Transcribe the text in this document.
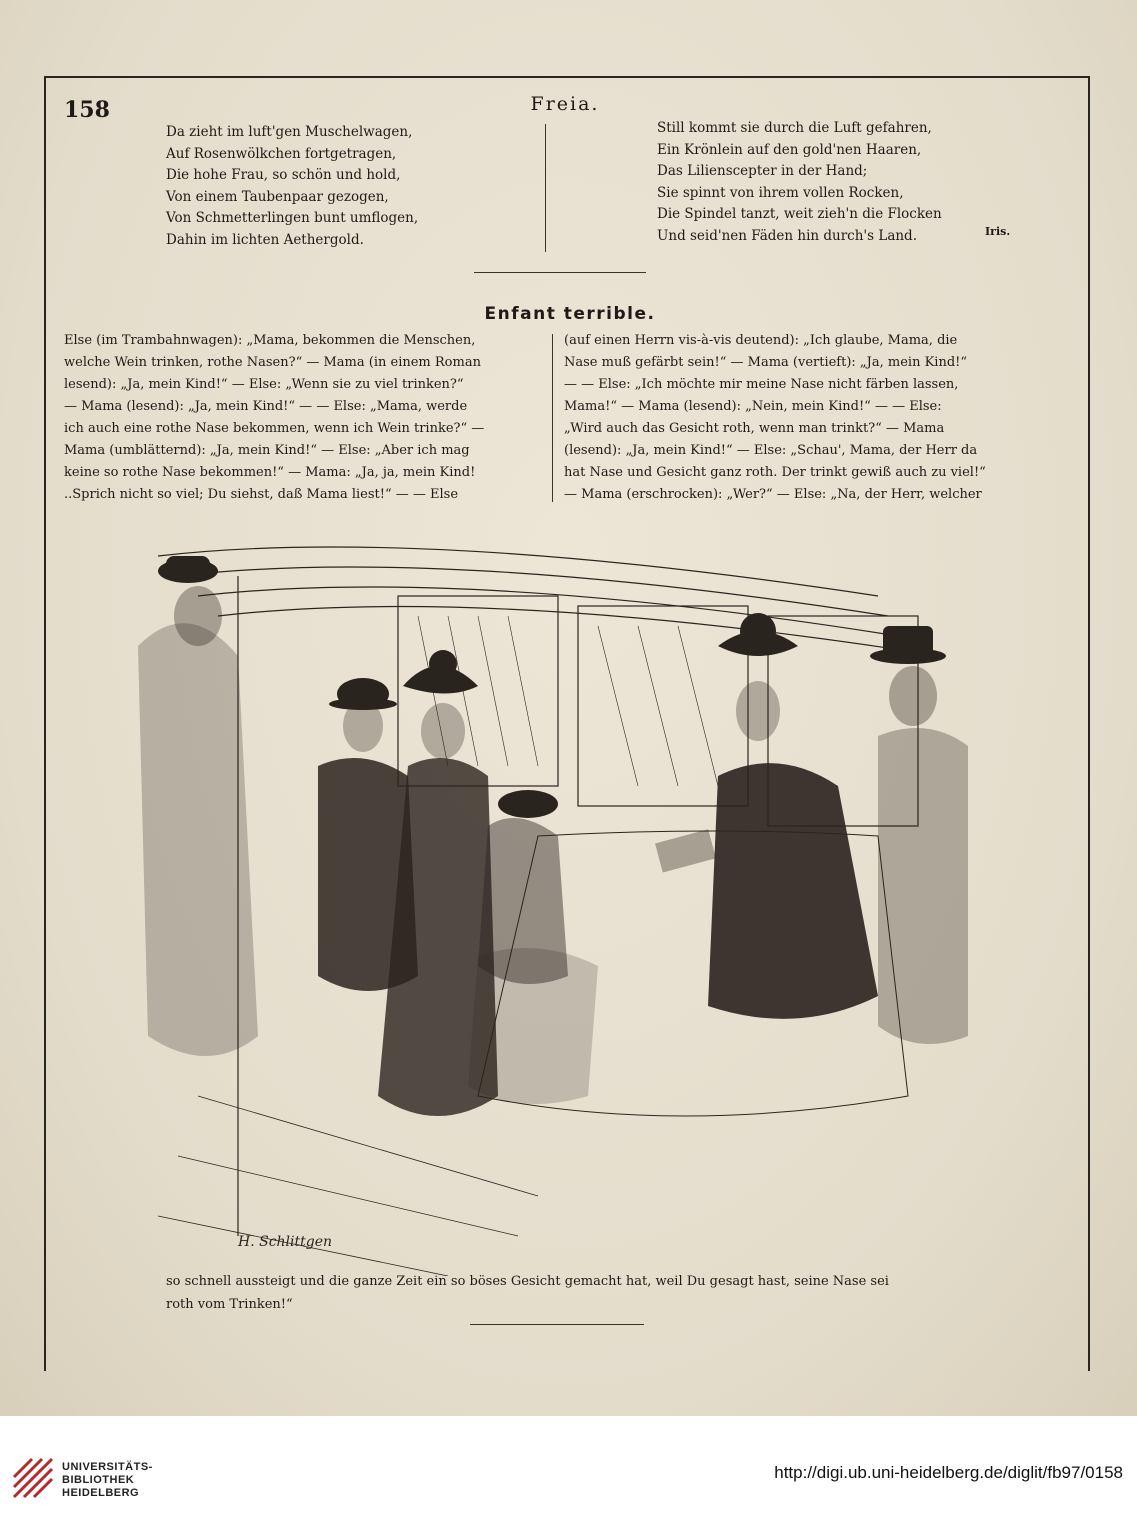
158	Freia.

Da zieht im luft'gen Muschelwagen,
Auf Rosenwölkchen fortgetragen,
Die hohe Frau, so schön und hold,
Von einem Taubenpaar gezogen,
Von Schmetterlingen bunt umflogen,
Dahin im lichten Aethergold.
Still kommt sie durch die Luft gefahren,
Ein Krönlein auf den gold'nen Haaren,
Das Lilienscepter in der Hand;
Sie spinnt von ihrem vollen Rocken,
Die Spindel tanzt, weit zieh'n die Flocken
Und seid'nen Fäden hin durch's Land.	Iris.

Enfant terrible.

Else (im Trambahnwagen): „Mama, bekommen die Menschen,
welche Wein trinken, rothe Nasen?“ — Mama (in einem Roman
lesend): „Ja, mein Kind!“ — Else: „Wenn sie zu viel trinken?“
— Mama (lesend): „Ja, mein Kind!“ — — Else: „Mama, werde
ich auch eine rothe Nase bekommen, wenn ich Wein trinke?“ —
Mama (umblätternd): „Ja, mein Kind!“ — Else: „Aber ich mag
keine so rothe Nase bekommen!“ — Mama: „Ja, ja, mein Kind!
..Sprich nicht so viel; Du siehst, daß Mama liest!“ — — Else

(auf einen Herrn vis-à-vis deutend): „Ich glaube, Mama, die
Nase muß gefärbt sein!“ — Mama (vertieft): „Ja, mein Kind!“
— — Else: „Ich möchte mir meine Nase nicht färben lassen,
Mama!“ — Mama (lesend): „Nein, mein Kind!“ — — Else:
„Wird auch das Gesicht roth, wenn man trinkt?“ — Mama
(lesend): „Ja, mein Kind!“ — Else: „Schau', Mama, der Herr da
hat Nase und Gesicht ganz roth. Der trinkt gewiß auch zu viel!“
— Mama (erschrocken): „Wer?“ — Else: „Na, der Herr, welcher

H. Schlittgen

so schnell aussteigt und die ganze Zeit ein so böses Gesicht gemacht hat, weil Du gesagt hast, seine Nase sei
roth vom Trinken!“

UNIVERSITÄTS-
BIBLIOTHEK
HEIDELBERG

http://digi.ub.uni-heidelberg.de/diglit/fb97/0158
